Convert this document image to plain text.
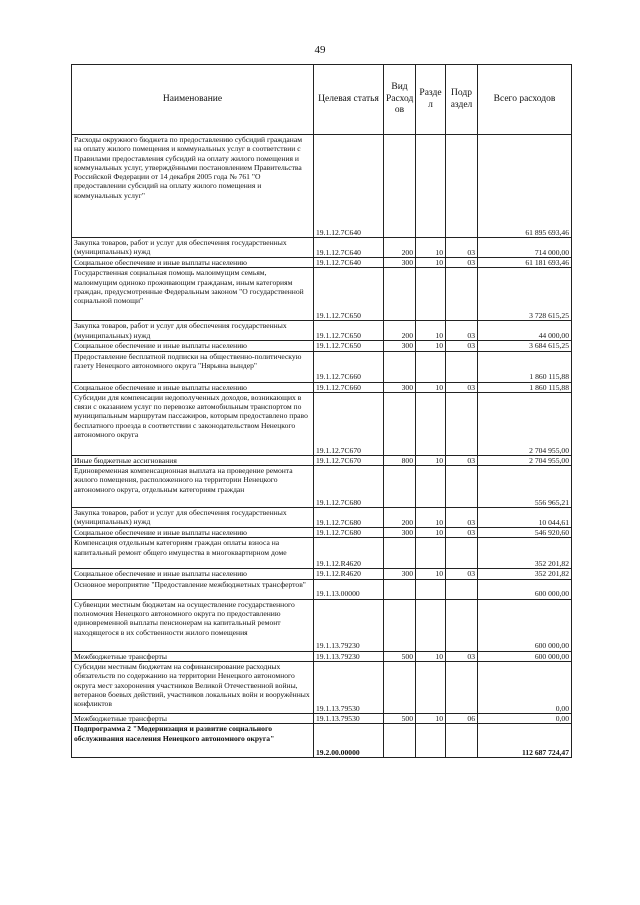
49
Наименование	Целевая статья	Вид Расход ов	Разде л	Подр аздел	Всего расходов
Расходы окружного бюджета по предоставлению субсидий гражданам на оплату жилого помещения и коммунальных услуг в соответствии с Правилами предоставления субсидий на оплату жилого помещения и коммунальных услуг, утверждёнными постановлением Правительства Российской Федерации от 14 декабря 2005 года № 761 "О предоставлении субсидий на оплату жилого помещения и коммунальных услуг"	19.1.12.7С640				61 895 693,46
Закупка товаров, работ и услуг для обеспечения государственных (муниципальных) нужд	19.1.12.7С640	200	10	03	714 000,00
Социальное обеспечение и иные выплаты населению	19.1.12.7С640	300	10	03	61 181 693,46
Государственная социальная помощь малоимущим семьям, малоимущим одиноко проживающим гражданам, иным категориям граждан, предусмотренные Федеральным законом "О государственной социальной помощи"	19.1.12.7С650				3 728 615,25
Закупка товаров, работ и услуг для обеспечения государственных (муниципальных) нужд	19.1.12.7С650	200	10	03	44 000,00
Социальное обеспечение и иные выплаты населению	19.1.12.7С650	300	10	03	3 684 615,25
Предоставление бесплатной подписки на общественно-политическую газету Ненецкого автономного округа "Нярьяна вындер"	19.1.12.7С660				1 860 115,88
Социальное обеспечение и иные выплаты населению	19.1.12.7С660	300	10	03	1 860 115,88
Субсидии для компенсации недополученных доходов, возникающих в связи с оказанием услуг по перевозке автомобильным транспортом по муниципальным маршрутам пассажиров, которым предоставлено право бесплатного проезда в соответствии с законодательством Ненецкого автономного округа	19.1.12.7С670				2 704 955,00
Иные бюджетные ассигнования	19.1.12.7С670	800	10	03	2 704 955,00
Единовременная компенсационная выплата на проведение ремонта жилого помещения, расположенного на территории Ненецкого автономного округа, отдельным категориям граждан	19.1.12.7С680				556 965,21
Закупка товаров, работ и услуг для обеспечения государственных (муниципальных) нужд	19.1.12.7С680	200	10	03	10 044,61
Социальное обеспечение и иные выплаты населению	19.1.12.7С680	300	10	03	546 920,60
Компенсация отдельным категориям граждан оплаты взноса на капитальный ремонт общего имущества в многоквартирном доме	19.1.12.R4620				352 201,82
Социальное обеспечение и иные выплаты населению	19.1.12.R4620	300	10	03	352 201,82
Основное мероприятие "Предоставление межбюджетных трансфертов"	19.1.13.00000				600 000,00
Субвенции местным бюджетам на осуществление государственного полномочия Ненецкого автономного округа по предоставлению единовременной выплаты пенсионерам на капитальный ремонт находящегося в их собственности жилого помещения	19.1.13.79230				600 000,00
Межбюджетные трансферты	19.1.13.79230	500	10	03	600 000,00
Субсидии местным бюджетам на софинансирование расходных обязательств по содержанию на территории Ненецкого автономного округа мест захоронения участников Великой Отечественной войны, ветеранов боевых действий, участников локальных войн и вооружённых конфликтов	19.1.13.79530				0,00
Межбюджетные трансферты	19.1.13.79530	500	10	06	0,00
Подпрограмма 2 "Модернизация и развитие социального обслуживания населения Ненецкого автономного округа"	19.2.00.00000				112 687 724,47
